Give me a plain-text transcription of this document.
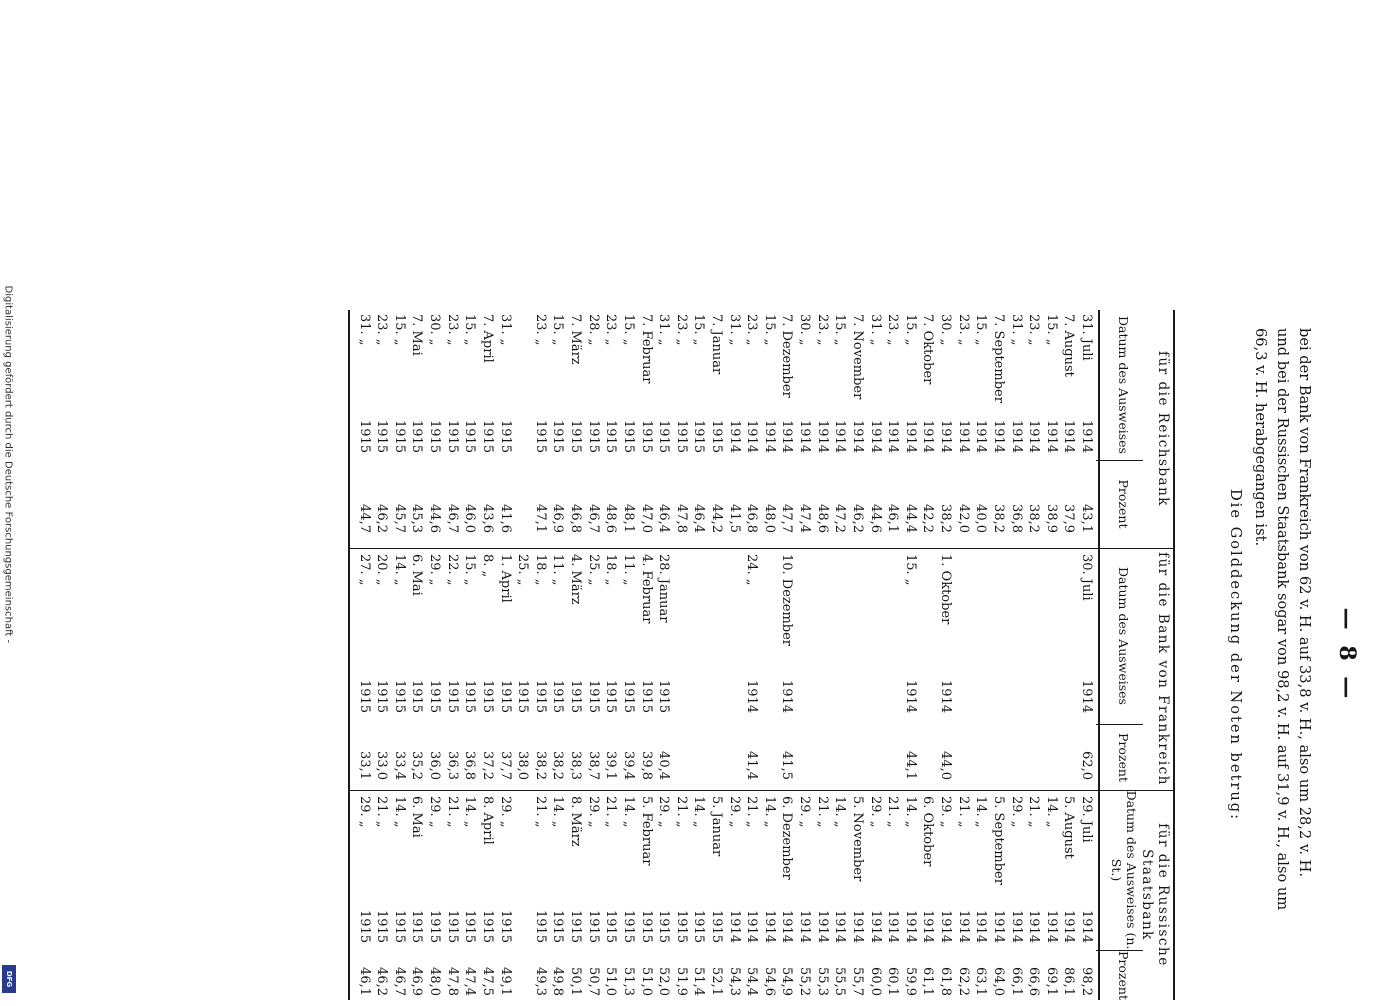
Digitalisierung gefördert durch die Deutsche Forschungsgemeinschaft -
DFG
— 8 —
bei der Bank von Frankreich von 62 v. H. auf 33,8 v. H., also um 28,2 v. H.
und bei der Russischen Staatsbank sogar von 98,2 v. H. auf 31,9 v. H., also um
66,3 v. H. herabgegangen ist.
Die Golddeckung der Noten betrug:
für die Reichsbank
für die Bank von Frankreich
für die Russische Staatsbank
Datum des Ausweises
Prozent
Datum des Ausweises
Prozent
Datum des Ausweises (n. St.)
Prozent
31. Juli
1914
43,1
30. Juli
1914
62,0
29. Juli
1914
98,2
7. August
1914
37,9
5. August
1914
86,1
15. „
1914
38,9
14. „
1914
69,1
23. „
1914
38,2
21. „
1914
66,6
31. „
1914
36,8
29. „
1914
66,1
7. September
1914
38,2
5. September
1914
64,0
15. „
1914
40,0
14. „
1914
63,1
23. „
1914
42,0
21. „
1914
62,2
30. „
1914
38,2
1. Oktober
1914
44,0
29. „
1914
61,8
7. Oktober
1914
42,2
6. Oktober
1914
61,1
15. „
1914
44,4
15. „
1914
44,1
14. „
1914
59,9
23. „
1914
46,1
21. „
1914
60,1
31. „
1914
44,6
29. „
1914
60,0
7. November
1914
46,2
5. November
1914
55,7
15. „
1914
47,2
14. „
1914
55,5
23. „
1914
48,6
21. „
1914
55,3
30. „
1914
47,4
29. „
1914
55,2
7. Dezember
1914
47,7
10. Dezember
1914
41,5
6. Dezember
1914
54,9
15. „
1914
48,0
14. „
1914
54,6
23. „
1914
46,8
24. „
1914
41,4
21. „
1914
54,4
31. „
1914
41,5
29. „
1914
54,3
7. Januar
1915
44,2
5. Januar
1915
52,1
15. „
1915
46,4
14. „
1915
51,4
23. „
1915
47,8
21. „
1915
51,9
31. „
1915
46,4
28. Januar
1915
40,4
29. „
1915
52,0
7. Februar
1915
47,0
4. Februar
1915
39,8
5. Februar
1915
51,0
15. „
1915
48,1
11. „
1915
39,4
14. „
1915
51,3
23. „
1915
48,6
18. „
1915
39,1
21. „
1915
51,0
28. „
1915
46,7
25. „
1915
38,7
29. „
1915
50,7
7. März
1915
46,8
4. März
1915
38,3
8. März
1915
50,1
15. „
1915
46,9
11. „
1915
38,2
14. „
1915
49,8
23. „
1915
47,1
18. „
1915
38,2
21. „
1915
49,3
25. „
1915
38,0
31. „
1915
41,6
1. April
1915
37,7
29. „
1915
49,1
7. April
1915
43,6
8. „
1915
37,2
8. April
1915
47,5
15. „
1915
46,0
15. „
1915
36,8
14. „
1915
47,4
23. „
1915
46,7
22. „
1915
36,3
21. „
1915
47,8
30. „
1915
44,6
29. „
1915
36,0
29. „
1915
48,0
7. Mai
1915
45,3
6. Mai
1915
35,2
6. Mai
1915
46,9
15. „
1915
45,7
14. „
1915
33,4
14. „
1915
46,7
23. „
1915
46,2
20. „
1915
33,0
21. „
1915
46,2
31. „
1915
44,7
27. „
1915
33,1
29. „
1915
46,1
